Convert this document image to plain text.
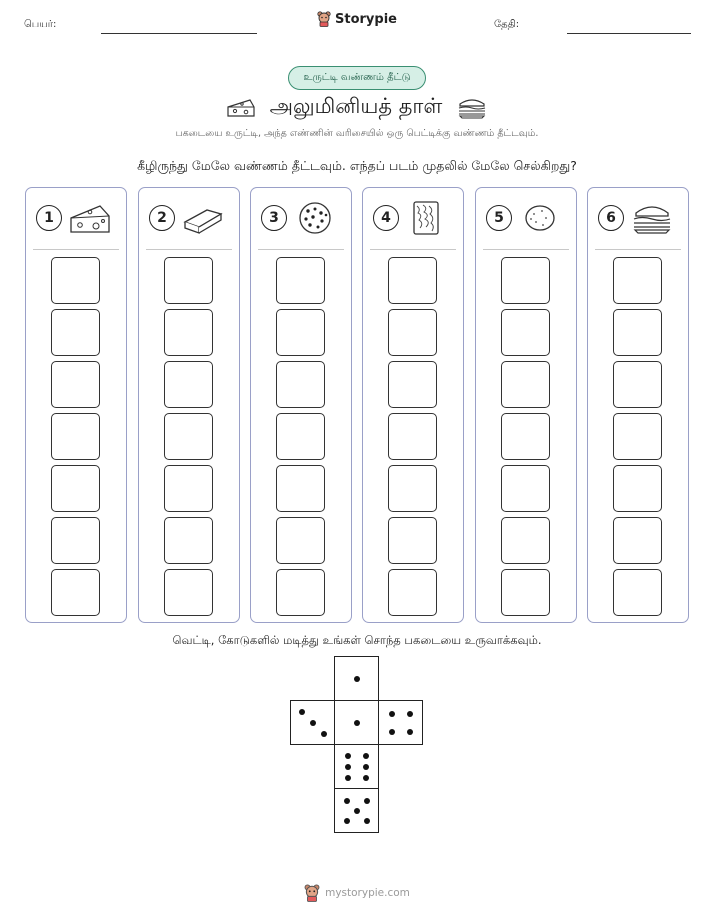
பெயர்:	Storypie	தேதி:
உருட்டி வண்ணம் தீட்டு
அலுமினியத் தாள்
பகடையை உருட்டி, அந்த எண்ணின் வரிசையில் ஒரு பெட்டிக்கு வண்ணம் தீட்டவும்.
கீழிருந்து மேலே வண்ணம் தீட்டவும். எந்தப் படம் முதலில் மேலே செல்கிறது?
1	2	3	4	5	6
வெட்டி, கோடுகளில் மடித்து உங்கள் சொந்த பகடையை உருவாக்கவும்.
mystorypie.com
